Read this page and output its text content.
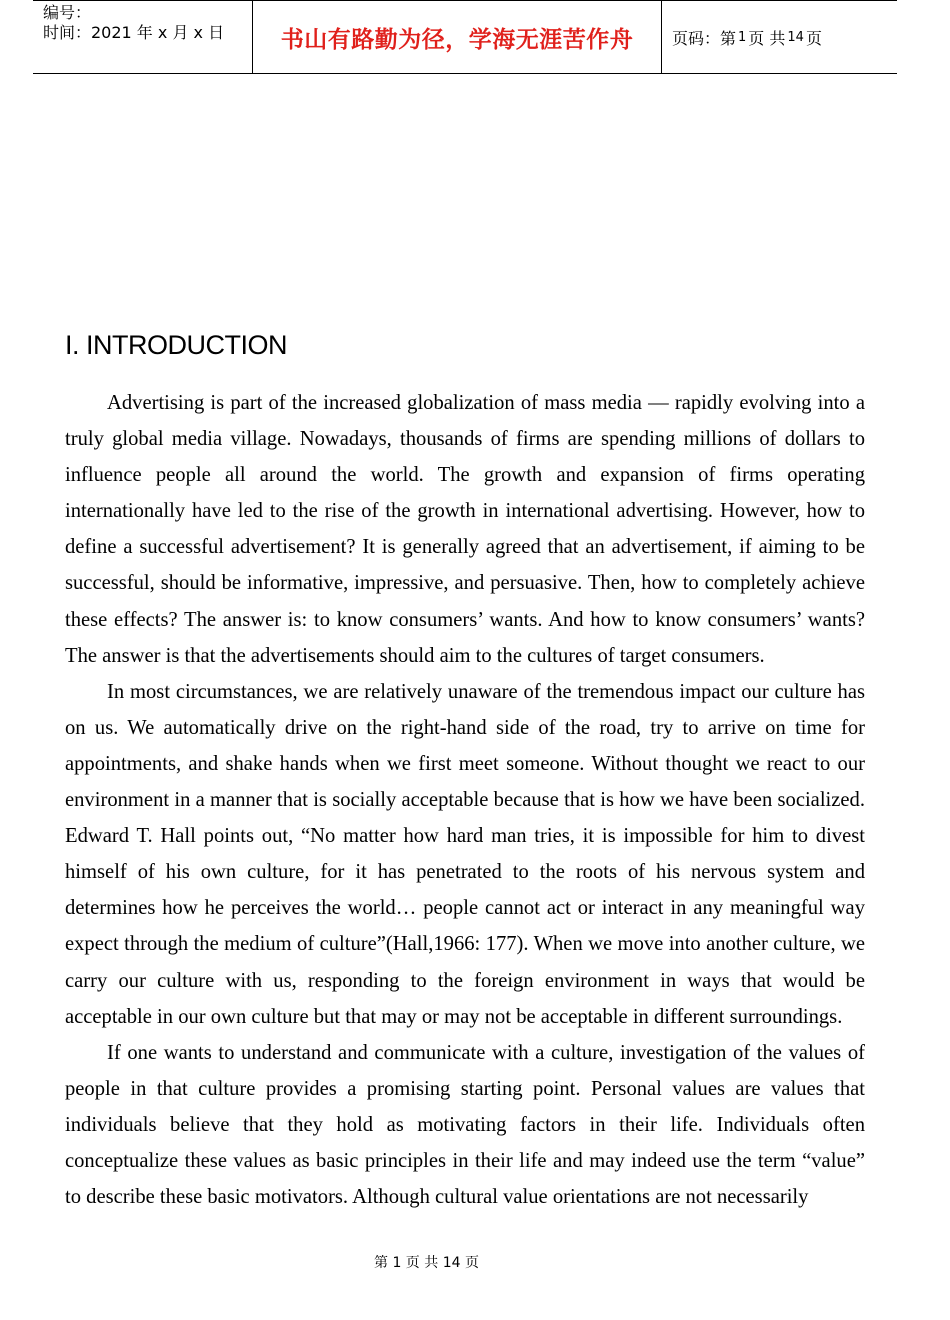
编号：
时间：2021 年 x 月 x 日	书山有路勤为径，学海无涯苦作舟	页码：第 1 页 共 14 页
I. INTRODUCTION

Advertising is part of the increased globalization of mass media — rapidly evolving into a truly global media village. Nowadays, thousands of firms are spending millions of dollars to influence people all around the world. The growth and expansion of firms operating internationally have led to the rise of the growth in international advertising. However, how to define a successful advertisement? It is generally agreed that an advertisement, if aiming to be successful, should be informative, impressive, and persuasive. Then, how to completely achieve these effects? The answer is: to know consumers’ wants. And how to know consumers’ wants? The answer is that the advertisements should aim to the cultures of target consumers.

In most circumstances, we are relatively unaware of the tremendous impact our culture has on us. We automatically drive on the right-hand side of the road, try to arrive on time for appointments, and shake hands when we first meet someone. Without thought we react to our environment in a manner that is socially acceptable because that is how we have been socialized. Edward T. Hall points out, “No matter how hard man tries, it is impossible for him to divest himself of his own culture, for it has penetrated to the roots of his nervous system and determines how he perceives the world… people cannot act or interact in any meaningful way expect through the medium of culture”(Hall,1966: 177). When we move into another culture, we carry our culture with us, responding to the foreign environment in ways that would be acceptable in our own culture but that may or may not be acceptable in different surroundings.

If one wants to understand and communicate with a culture, investigation of the values of people in that culture provides a promising starting point. Personal values are values that individuals believe that they hold as motivating factors in their life. Individuals often conceptualize these values as basic principles in their life and may indeed use the term “value” to describe these basic motivators. Although cultural value orientations are not necessarily

第 1 页 共 14 页
